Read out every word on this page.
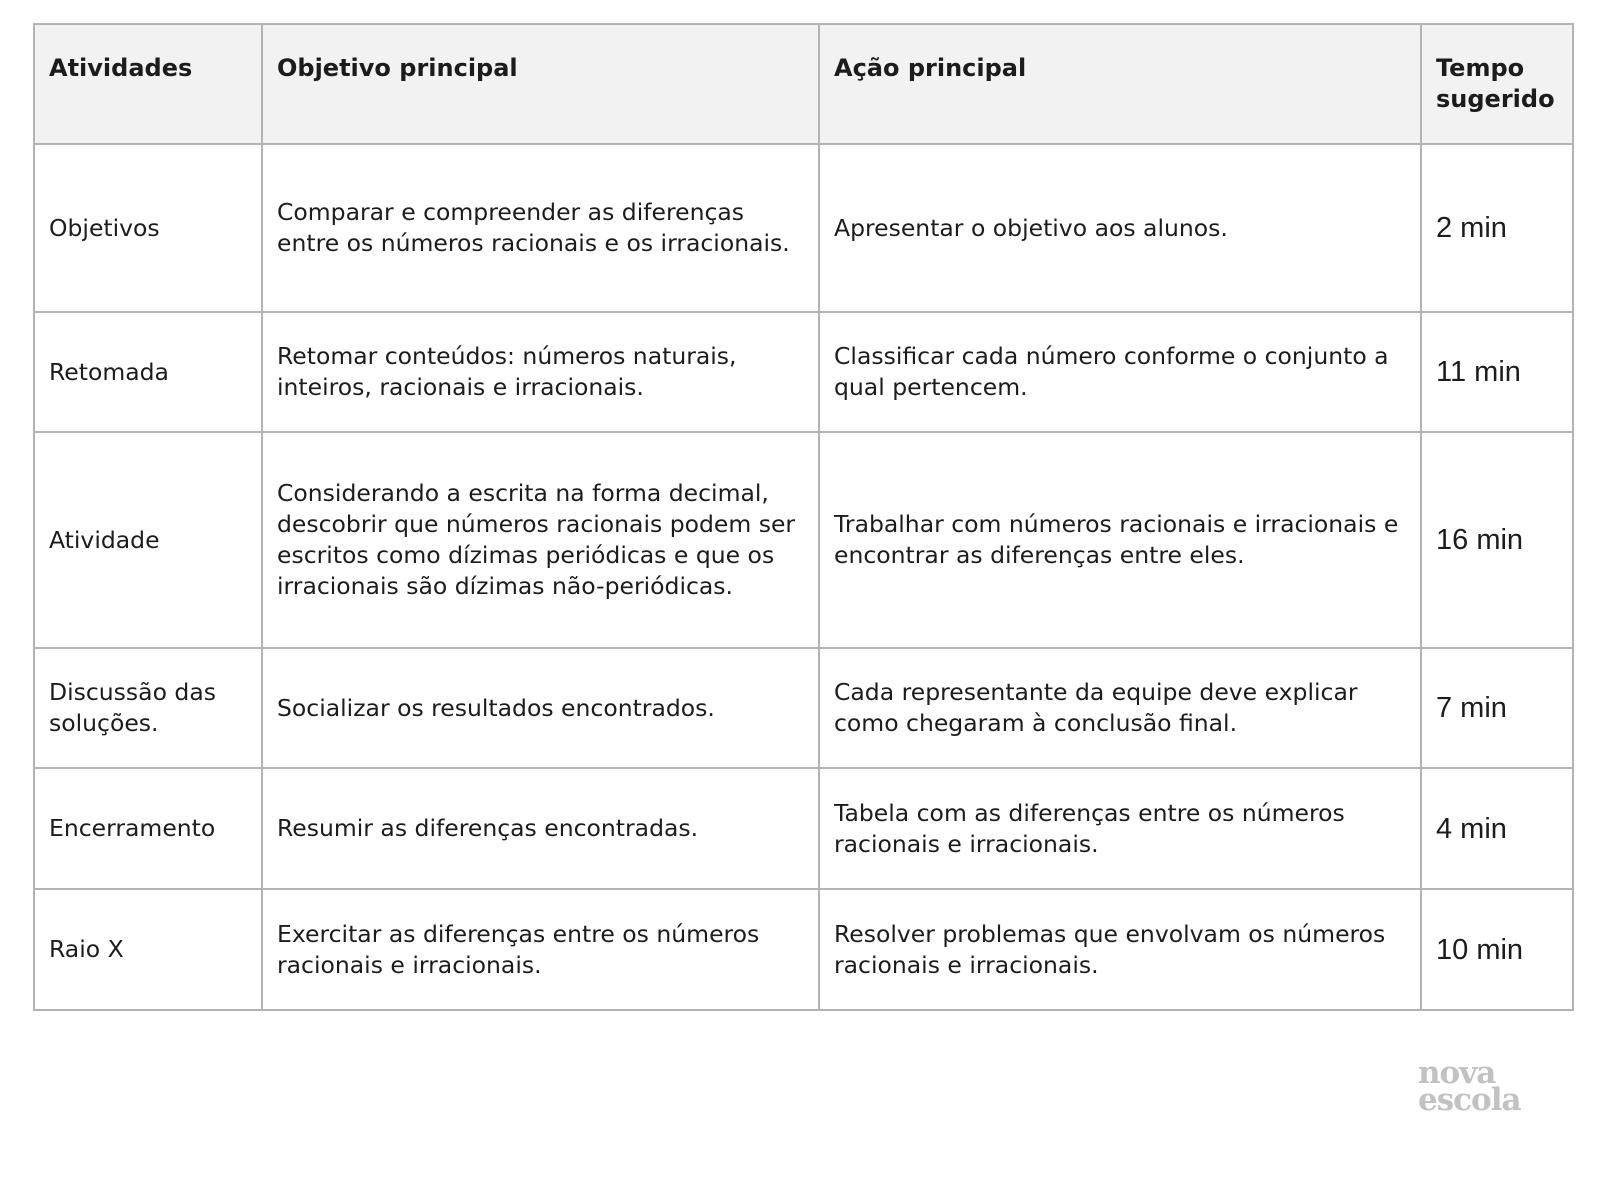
Atividades	Objetivo principal	Ação principal	Tempo sugerido
Objetivos	Comparar e compreender as diferenças entre os números racionais e os irracionais.	Apresentar o objetivo aos alunos.	2 min
Retomada	Retomar conteúdos: números naturais, inteiros, racionais e irracionais.	Classificar cada número conforme o conjunto a qual pertencem.	11 min
Atividade	Considerando a escrita na forma decimal, descobrir que números racionais podem ser escritos como dízimas periódicas e que os irracionais são dízimas não-periódicas.	Trabalhar com números racionais e irracionais e encontrar as diferenças entre eles.	16 min
Discussão das soluções.	Socializar os resultados encontrados.	Cada representante da equipe deve explicar como chegaram à conclusão final.	7 min
Encerramento	Resumir as diferenças encontradas.	Tabela com as diferenças entre os números racionais e irracionais.	4 min
Raio X	Exercitar as diferenças entre os números racionais e irracionais.	Resolver problemas que envolvam os números racionais e irracionais.	10 min
nova
escola
